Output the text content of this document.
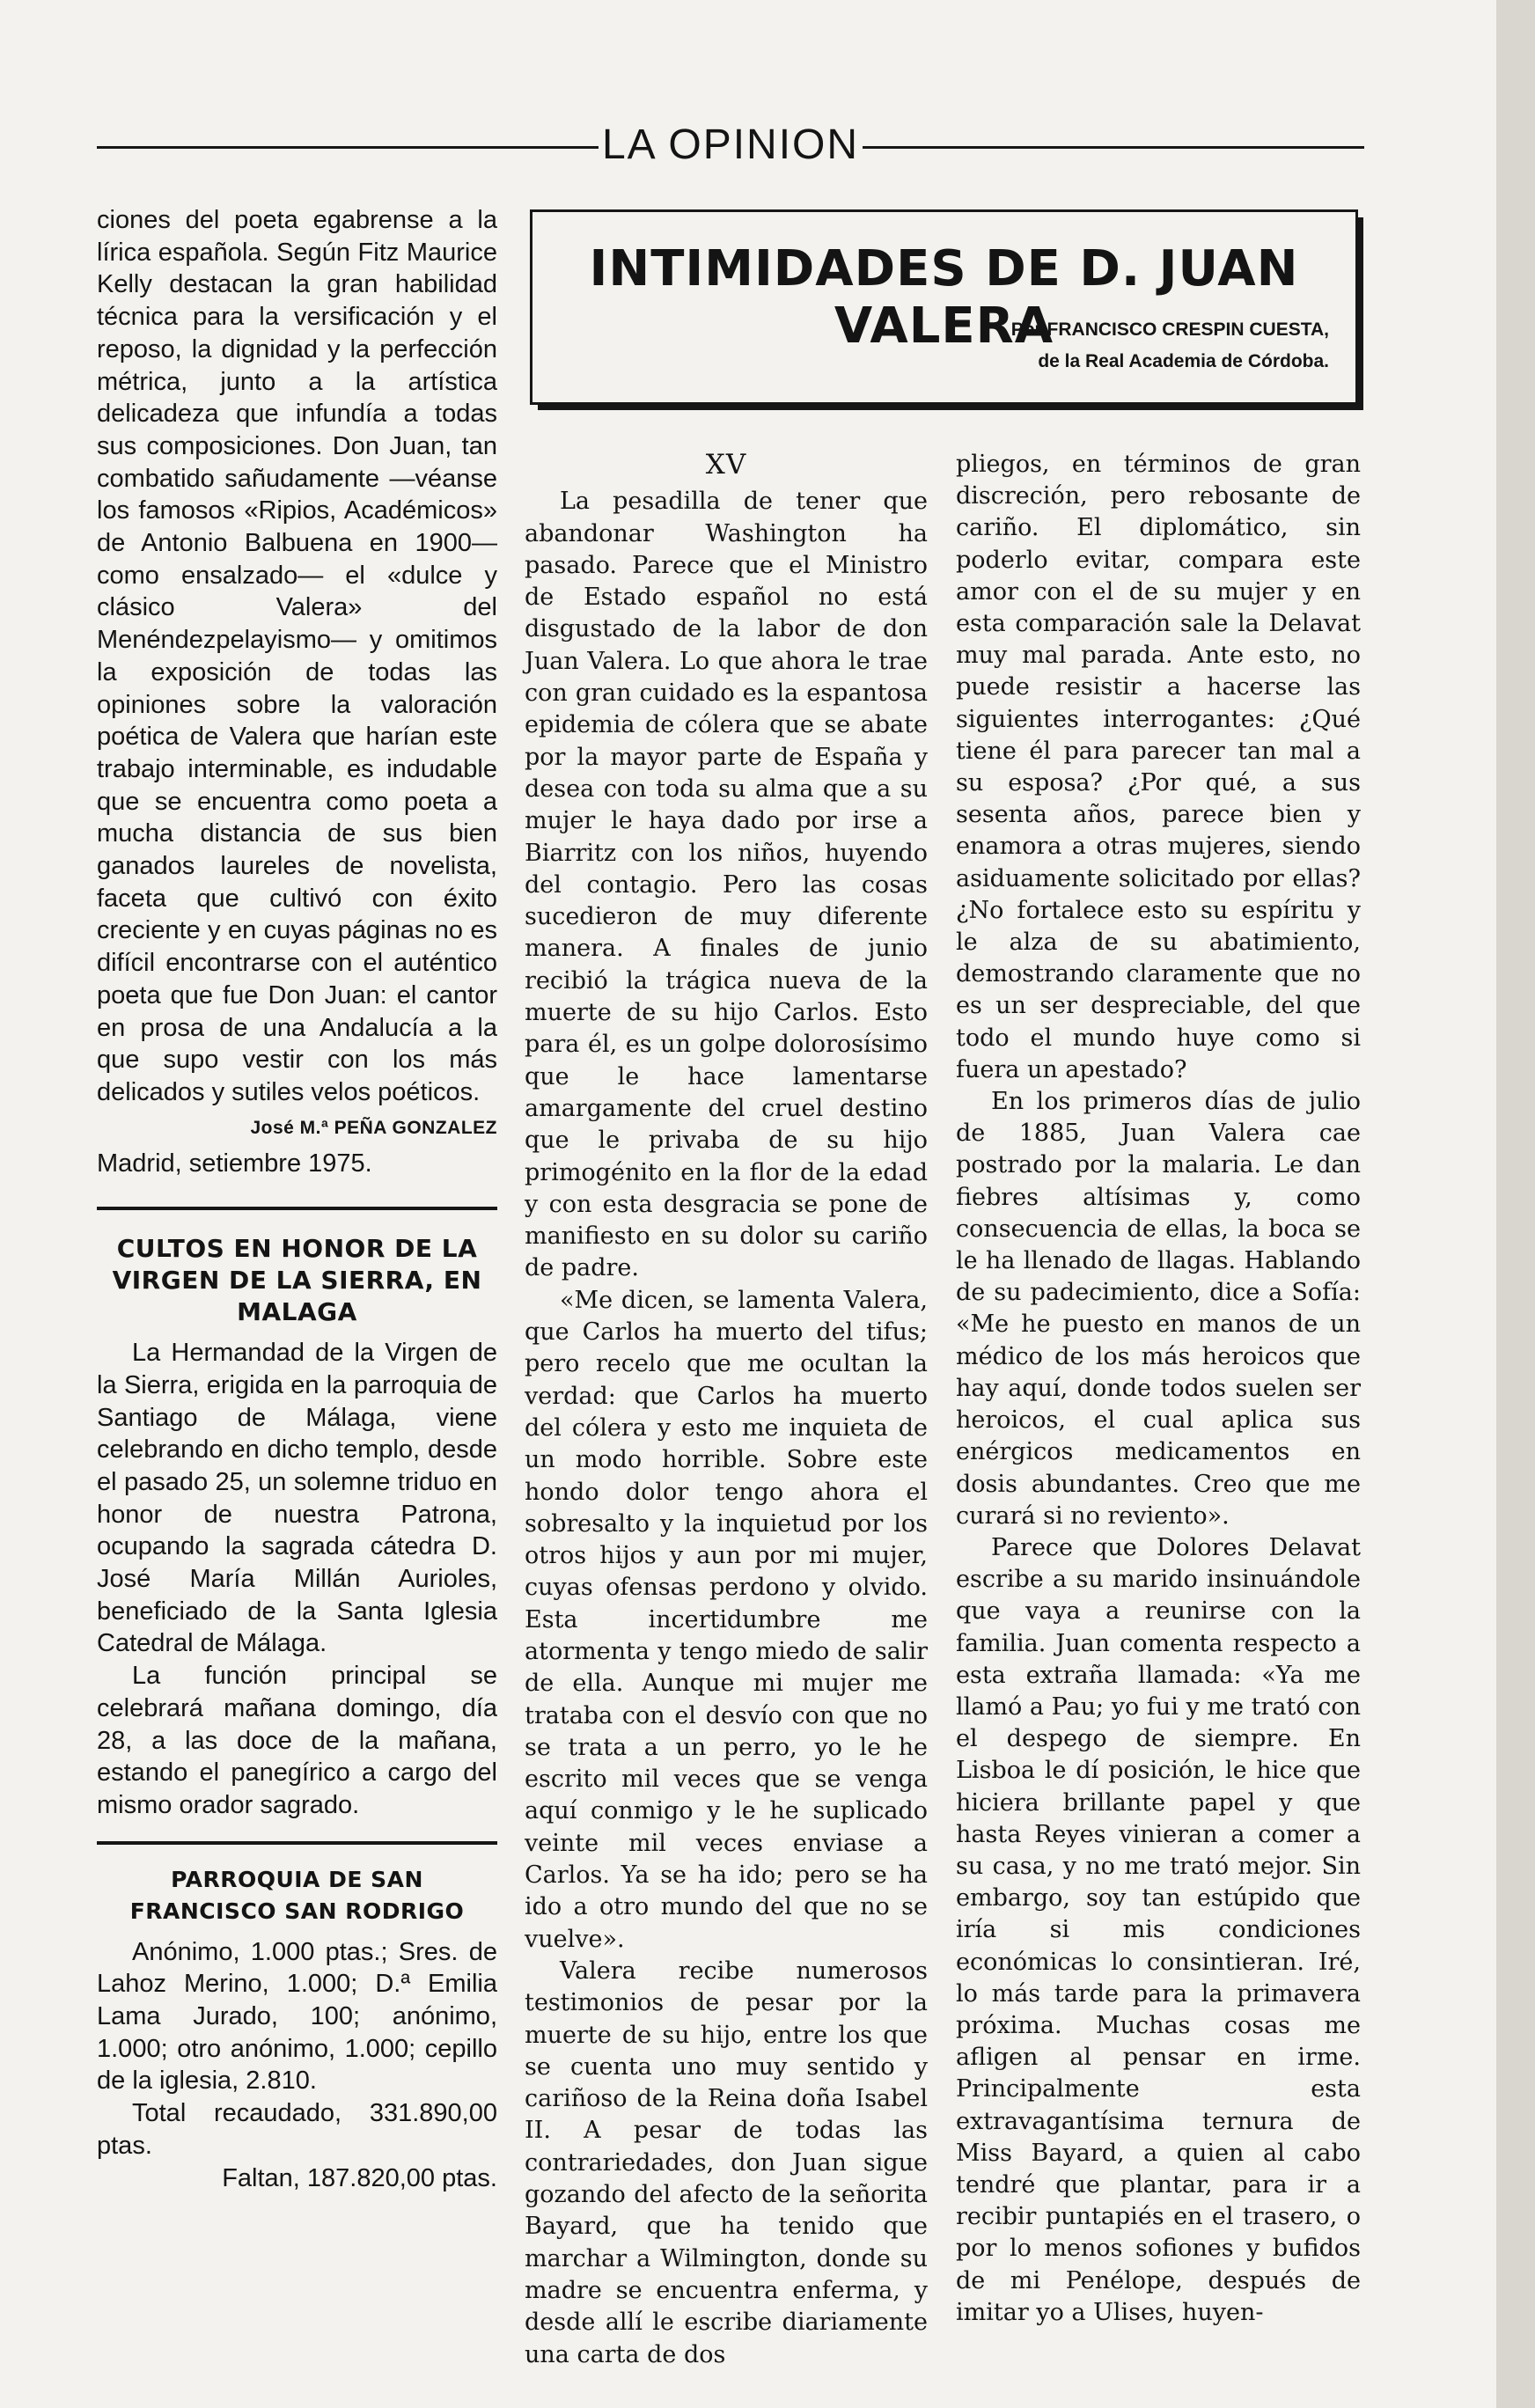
LA OPINION

ciones del poeta egabrense a la lírica española. Según Fitz Maurice Kelly destacan la gran habilidad técnica para la versificación y el reposo, la dignidad y la perfección métrica, junto a la artística delicadeza que infundía a todas sus composiciones. Don Juan, tan combatido sañudamente —véanse los famosos «Ripios, Académicos» de Antonio Balbuena en 1900— como ensalzado— el «dulce y clásico Valera» del Menéndezpelayismo— y omitimos la exposición de todas las opiniones sobre la valoración poética de Valera que harían este trabajo interminable, es indudable que se encuentra como poeta a mucha distancia de sus bien ganados laureles de novelista, faceta que cultivó con éxito creciente y en cuyas páginas no es difícil encontrarse con el auténtico poeta que fue Don Juan: el cantor en prosa de una Andalucía a la que supo vestir con los más delicados y sutiles velos poéticos.

José M.ª PEÑA GONZALEZ

Madrid, setiembre 1975.

CULTOS EN HONOR DE LA VIRGEN DE LA SIERRA, EN MALAGA

La Hermandad de la Virgen de la Sierra, erigida en la parroquia de Santiago de Málaga, viene celebrando en dicho templo, desde el pasado 25, un solemne triduo en honor de nuestra Patrona, ocupando la sagrada cátedra D. José María Millán Aurioles, beneficiado de la Santa Iglesia Catedral de Málaga.

La función principal se celebrará mañana domingo, día 28, a las doce de la mañana, estando el panegírico a cargo del mismo orador sagrado.

PARROQUIA DE SAN FRANCISCO SAN RODRIGO

Anónimo, 1.000 ptas.; Sres. de Lahoz Merino, 1.000; D.ª Emilia Lama Jurado, 100; anónimo, 1.000; otro anónimo, 1.000; cepillo de la iglesia, 2.810.

Total recaudado, 331.890,00 ptas.

Faltan, 187.820,00 ptas.

INTIMIDADES DE D. JUAN VALERA
Por FRANCISCO CRESPIN CUESTA,
de la Real Academia de Córdoba.

XV

La pesadilla de tener que abandonar Washington ha pasado. Parece que el Ministro de Estado español no está disgustado de la labor de don Juan Valera. Lo que ahora le trae con gran cuidado es la espantosa epidemia de cólera que se abate por la mayor parte de España y desea con toda su alma que a su mujer le haya dado por irse a Biarritz con los niños, huyendo del contagio. Pero las cosas sucedieron de muy diferente manera. A finales de junio recibió la trágica nueva de la muerte de su hijo Carlos. Esto para él, es un golpe dolorosísimo que le hace lamentarse amargamente del cruel destino que le privaba de su hijo primogénito en la flor de la edad y con esta desgracia se pone de manifiesto en su dolor su cariño de padre.

«Me dicen, se lamenta Valera, que Carlos ha muerto del tifus; pero recelo que me ocultan la verdad: que Carlos ha muerto del cólera y esto me inquieta de un modo horrible. Sobre este hondo dolor tengo ahora el sobresalto y la inquietud por los otros hijos y aun por mi mujer, cuyas ofensas perdono y olvido. Esta incertidumbre me atormenta y tengo miedo de salir de ella. Aunque mi mujer me trataba con el desvío con que no se trata a un perro, yo le he escrito mil veces que se venga aquí conmigo y le he suplicado veinte mil veces enviase a Carlos. Ya se ha ido; pero se ha ido a otro mundo del que no se vuelve».

Valera recibe numerosos testimonios de pesar por la muerte de su hijo, entre los que se cuenta uno muy sentido y cariñoso de la Reina doña Isabel II. A pesar de todas las contrariedades, don Juan sigue gozando del afecto de la señorita Bayard, que ha tenido que marchar a Wilmington, donde su madre se encuentra enferma, y desde allí le escribe diariamente una carta de dos

pliegos, en términos de gran discreción, pero rebosante de cariño. El diplomático, sin poderlo evitar, compara este amor con el de su mujer y en esta comparación sale la Delavat muy mal parada. Ante esto, no puede resistir a hacerse las siguientes interrogantes: ¿Qué tiene él para parecer tan mal a su esposa? ¿Por qué, a sus sesenta años, parece bien y enamora a otras mujeres, siendo asiduamente solicitado por ellas? ¿No fortalece esto su espíritu y le alza de su abatimiento, demostrando claramente que no es un ser despreciable, del que todo el mundo huye como si fuera un apestado?

En los primeros días de julio de 1885, Juan Valera cae postrado por la malaria. Le dan fiebres altísimas y, como consecuencia de ellas, la boca se le ha llenado de llagas. Hablando de su padecimiento, dice a Sofía: «Me he puesto en manos de un médico de los más heroicos que hay aquí, donde todos suelen ser heroicos, el cual aplica sus enérgicos medicamentos en dosis abundantes. Creo que me curará si no reviento».

Parece que Dolores Delavat escribe a su marido insinuándole que vaya a reunirse con la familia. Juan comenta respecto a esta extraña llamada: «Ya me llamó a Pau; yo fui y me trató con el despego de siempre. En Lisboa le dí posición, le hice que hiciera brillante papel y que hasta Reyes vinieran a comer a su casa, y no me trató mejor. Sin embargo, soy tan estúpido que iría si mis condiciones económicas lo consintieran. Iré, lo más tarde para la primavera próxima. Muchas cosas me afligen al pensar en irme. Principalmente esta extravagantísima ternura de Miss Bayard, a quien al cabo tendré que plantar, para ir a recibir puntapiés en el trasero, o por lo menos sofiones y bufidos de mi Penélope, después de imitar yo a Ulises, huyen-
